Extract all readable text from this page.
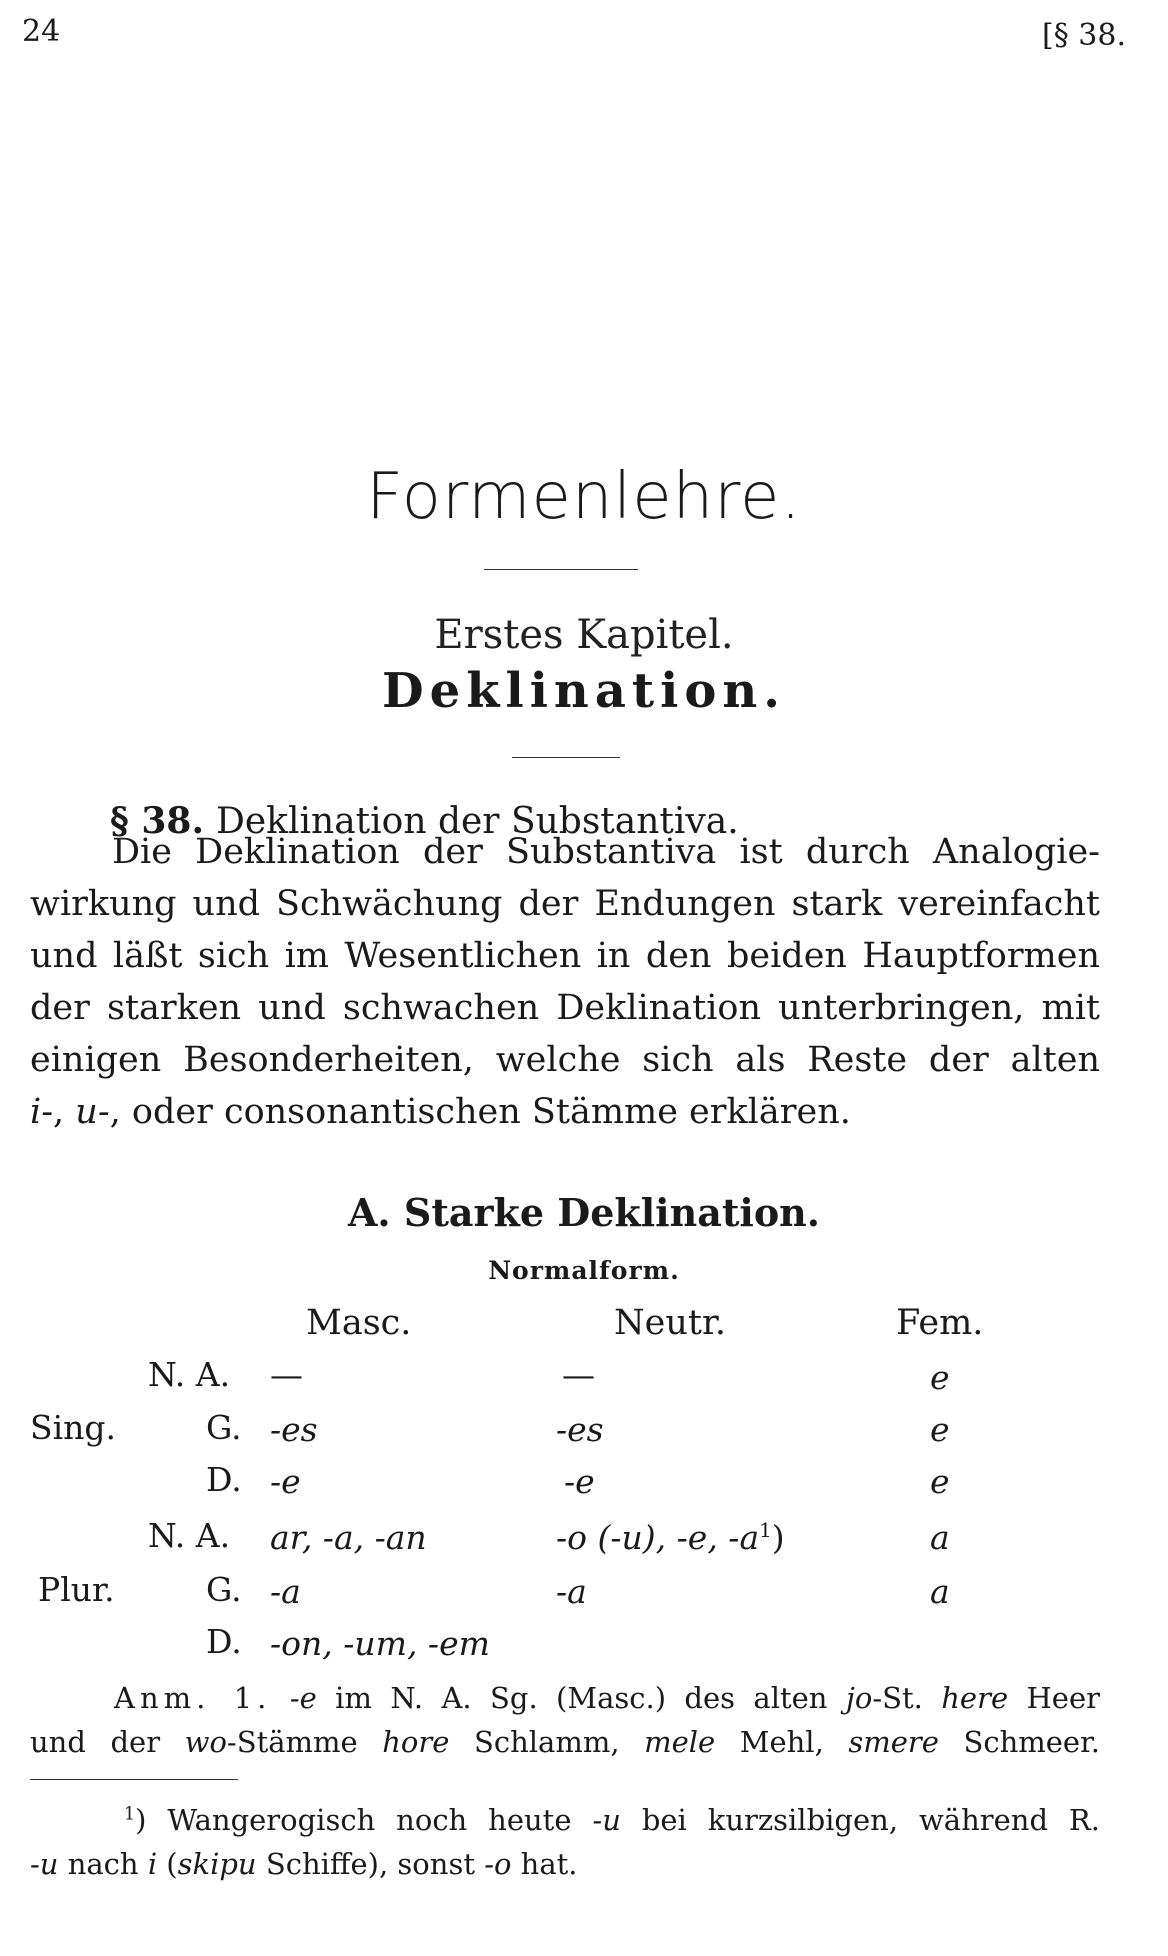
24	[§ 38.
Formenlehre.
Erstes Kapitel.
Deklination.
§ 38. Deklination der Substantiva.
Die Deklination der Substantiva ist durch Analogie-
wirkung und Schwächung der Endungen stark vereinfacht
und läßt sich im Wesentlichen in den beiden Hauptformen
der starken und schwachen Deklination unterbringen, mit
einigen Besonderheiten, welche sich als Reste der alten
i-, u-, oder consonantischen Stämme erklären.
A. Starke Deklination.
Normalform.
Masc.	Neutr.	Fem.
Sing.
N. A. —	—	e
G. -es	-es	e
D. -e	-e	e
Plur.
N. A. ar, -a, -an	-o (-u), -e, $-a^1$)	a
G. -a	-a	a
D. -on, -um, -em
Anm. 1. -e im N. A. Sg. (Masc.) des alten jo-St. here Heer
und der wo-Stämme hore Schlamm, mele Mehl, smere Schmeer.
$^1$) Wangerogisch noch heute -u bei kurzsilbigen, während R.
-u nach i (skipu Schiffe), sonst -o hat.
